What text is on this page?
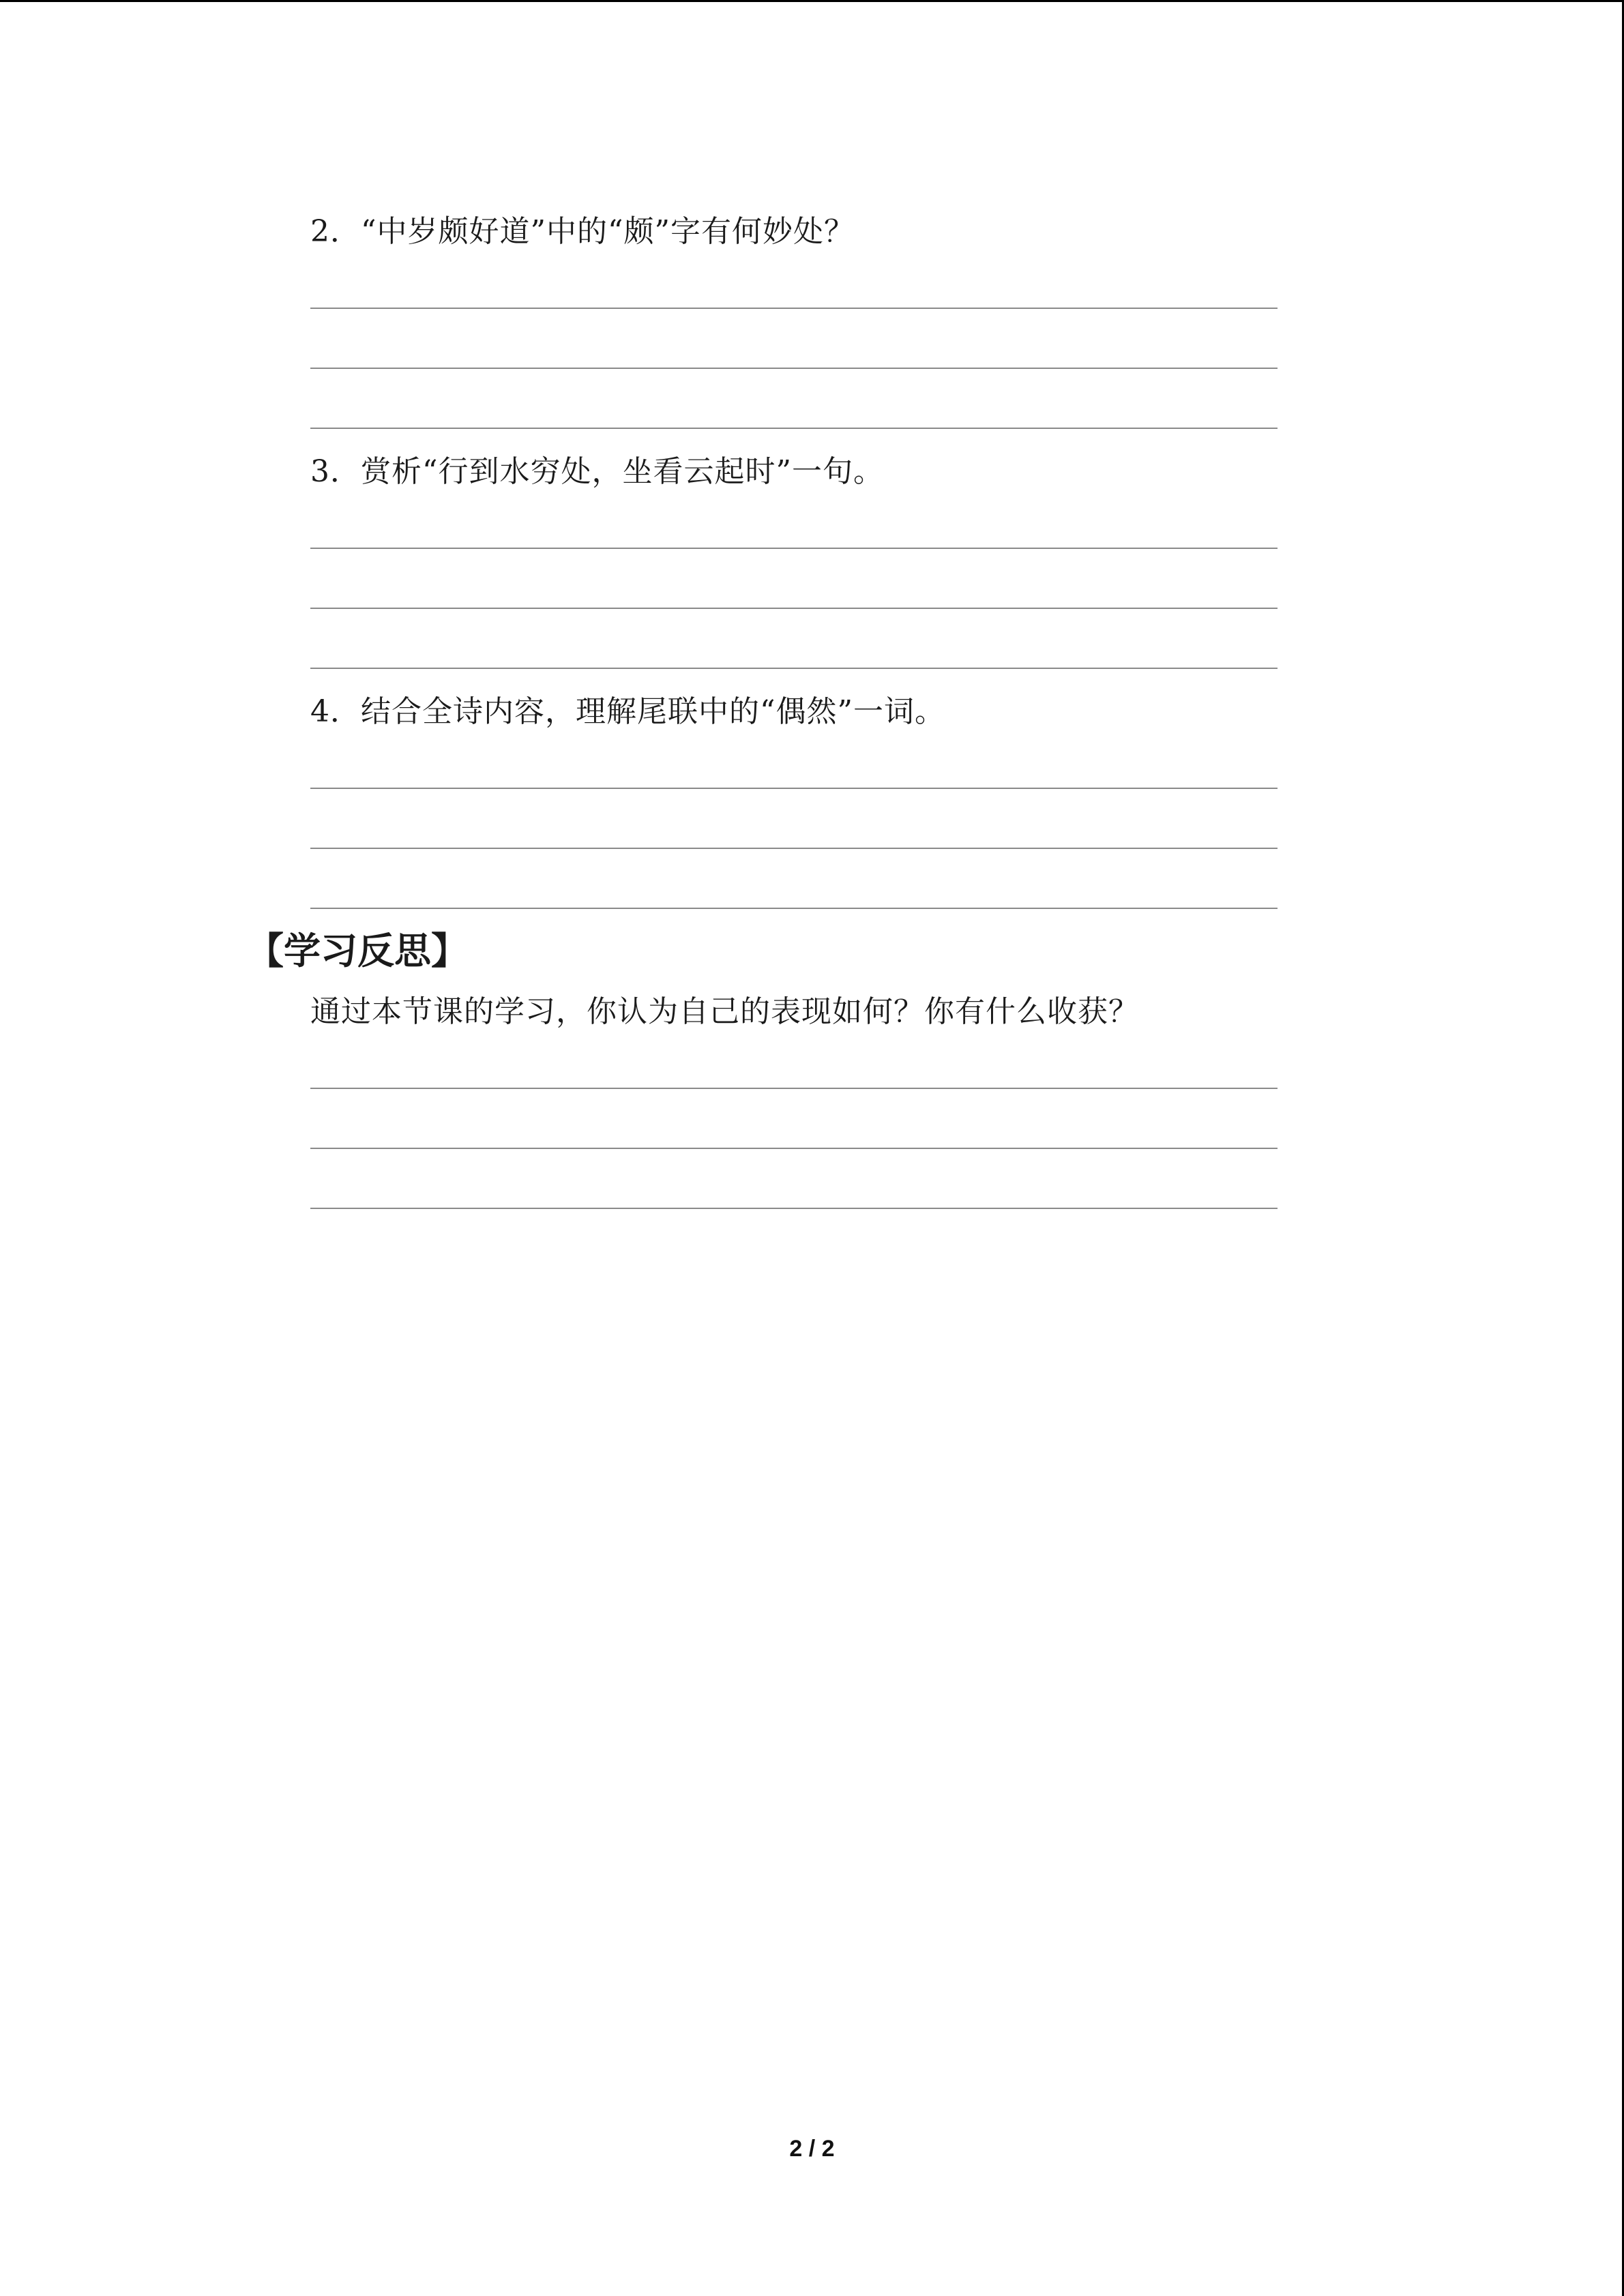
2．“中岁颇好道”中的“颇”字有何妙处？
3．赏析“行到水穷处，坐看云起时”一句。
4．结合全诗内容，理解尾联中的“偶然”一词。
【学习反思】
通过本节课的学习，你认为自己的表现如何？你有什么收获？
2 / 2
